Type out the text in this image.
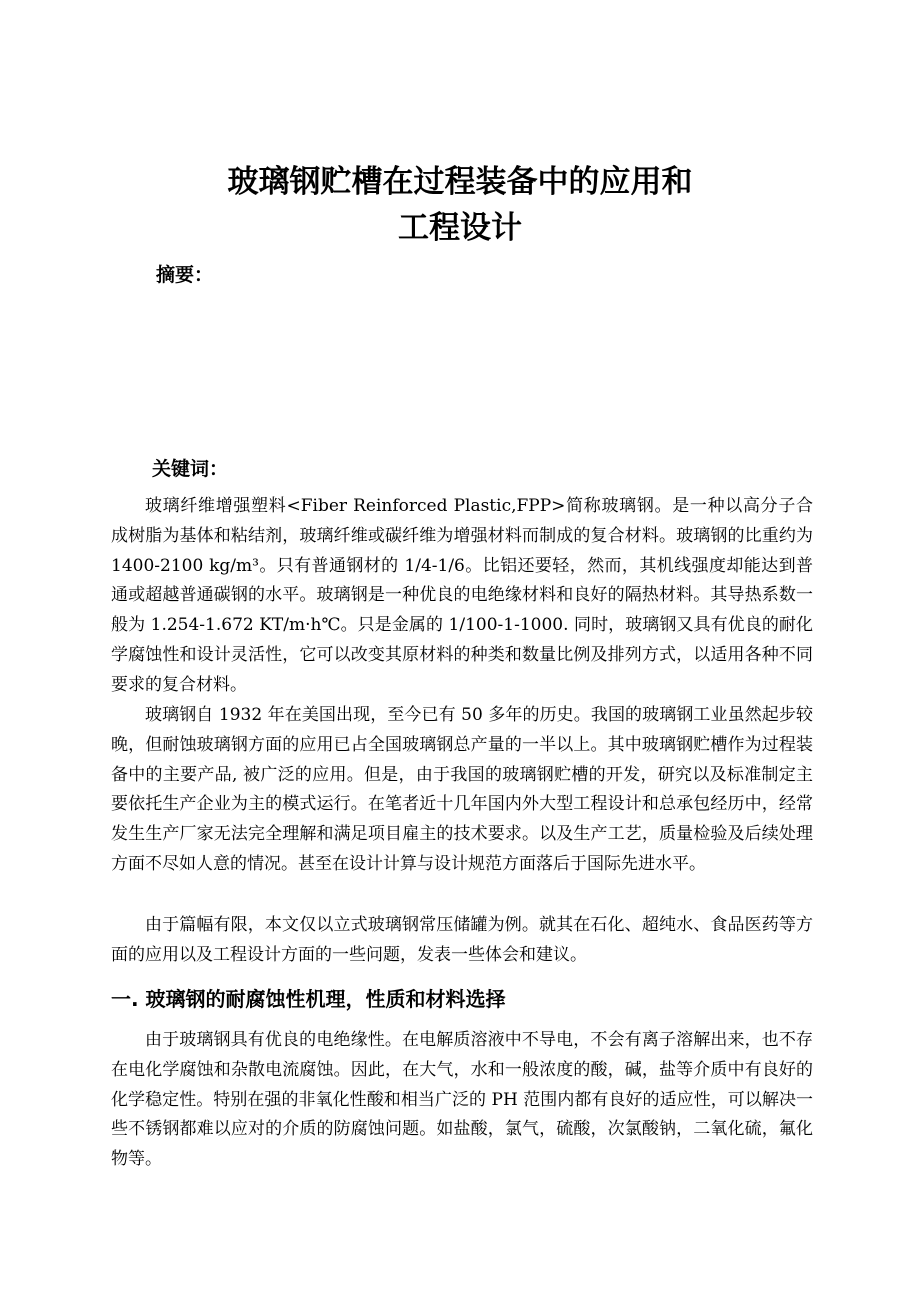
玻璃钢贮槽在过程装备中的应用和
工程设计
摘要：
关键词：

玻璃纤维增强塑料<Fiber Reinforced Plastic,FPP>简称玻璃钢。是一种以高分子合成树脂为基体和粘结剂，玻璃纤维或碳纤维为增强材料而制成的复合材料。玻璃钢的比重约为 1400-2100 kg/m³。只有普通钢材的 1/4-1/6。比铝还要轻，然而，其机线强度却能达到普通或超越普通碳钢的水平。玻璃钢是一种优良的电绝缘材料和良好的隔热材料。其导热系数一般为 1.254-1.672 KT/m·h℃。只是金属的 1/100-1-1000. 同时，玻璃钢又具有优良的耐化学腐蚀性和设计灵活性，它可以改变其原材料的种类和数量比例及排列方式，以适用各种不同要求的复合材料。

玻璃钢自 1932 年在美国出现，至今已有 50 多年的历史。我国的玻璃钢工业虽然起步较晚，但耐蚀玻璃钢方面的应用已占全国玻璃钢总产量的一半以上。其中玻璃钢贮槽作为过程装备中的主要产品, 被广泛的应用。但是，由于我国的玻璃钢贮槽的开发，研究以及标准制定主要依托生产企业为主的模式运行。在笔者近十几年国内外大型工程设计和总承包经历中，经常发生生产厂家无法完全理解和满足项目雇主的技术要求。以及生产工艺，质量检验及后续处理方面不尽如人意的情况。甚至在设计计算与设计规范方面落后于国际先进水平。

由于篇幅有限，本文仅以立式玻璃钢常压储罐为例。就其在石化、超纯水、食品医药等方面的应用以及工程设计方面的一些问题，发表一些体会和建议。

一. 玻璃钢的耐腐蚀性机理，性质和材料选择

由于玻璃钢具有优良的电绝缘性。在电解质溶液中不导电，不会有离子溶解出来，也不存在电化学腐蚀和杂散电流腐蚀。因此，在大气，水和一般浓度的酸，碱，盐等介质中有良好的化学稳定性。特别在强的非氧化性酸和相当广泛的 PH 范围内都有良好的适应性，可以解决一些不锈钢都难以应对的介质的防腐蚀问题。如盐酸，氯气，硫酸，次氯酸钠，二氧化硫，氟化物等。
